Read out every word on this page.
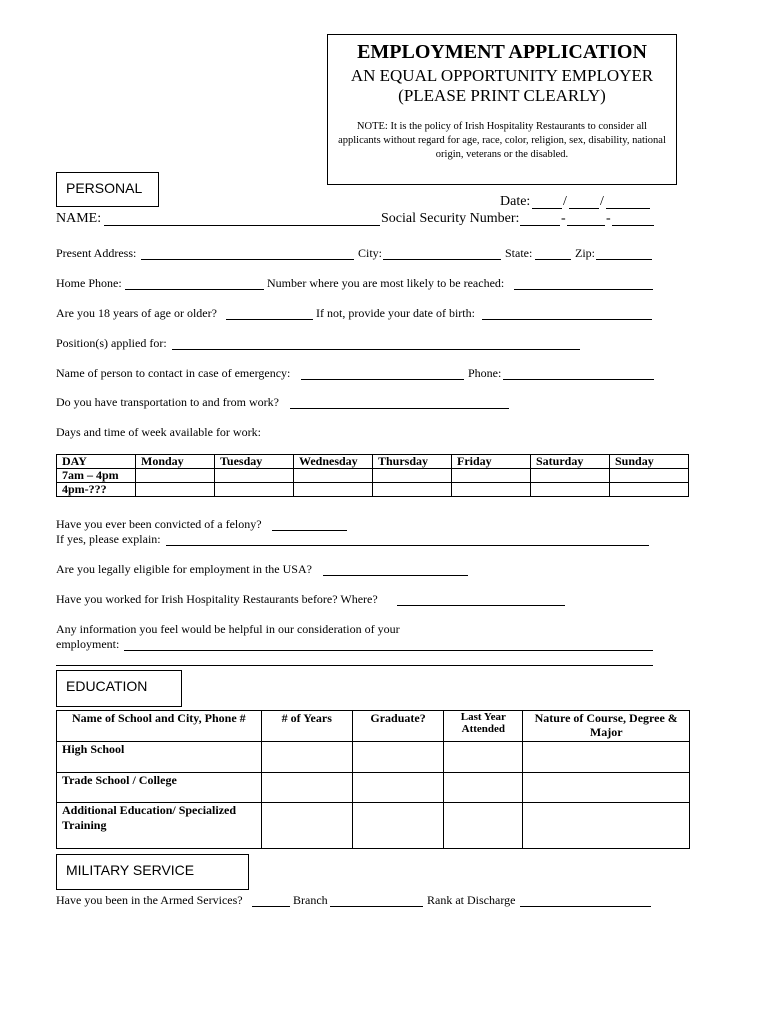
EMPLOYMENT APPLICATION
AN EQUAL OPPORTUNITY EMPLOYER
(PLEASE PRINT CLEARLY)
NOTE: It is the policy of Irish Hospitality Restaurants to consider all applicants without regard for age, race, color, religion, sex, disability, national origin, veterans or the disabled.
PERSONAL
Date: / /
NAME:	Social Security Number:	-	-
Present Address:	City:	State:	Zip:
Home Phone:	Number where you are most likely to be reached:
Are you 18 years of age or older?	If not, provide your date of birth:
Position(s) applied for:
Name of person to contact in case of emergency:	Phone:
Do you have transportation to and from work?
Days and time of week available for work:
DAY	Monday	Tuesday	Wednesday	Thursday	Friday	Saturday	Sunday
7am – 4pm							
4pm-???							
Have you ever been convicted of a felony?
If yes, please explain:
Are you legally eligible for employment in the USA?
Have you worked for Irish Hospitality Restaurants before? Where?
Any information you feel would be helpful in our consideration of your
employment:
EDUCATION
Name of School and City, Phone #	# of Years	Graduate?	Last Year Attended	Nature of Course, Degree & Major
High School				
Trade School / College				
Additional Education/ Specialized Training				
MILITARY SERVICE
Have you been in the Armed Services?	Branch	Rank at Discharge
